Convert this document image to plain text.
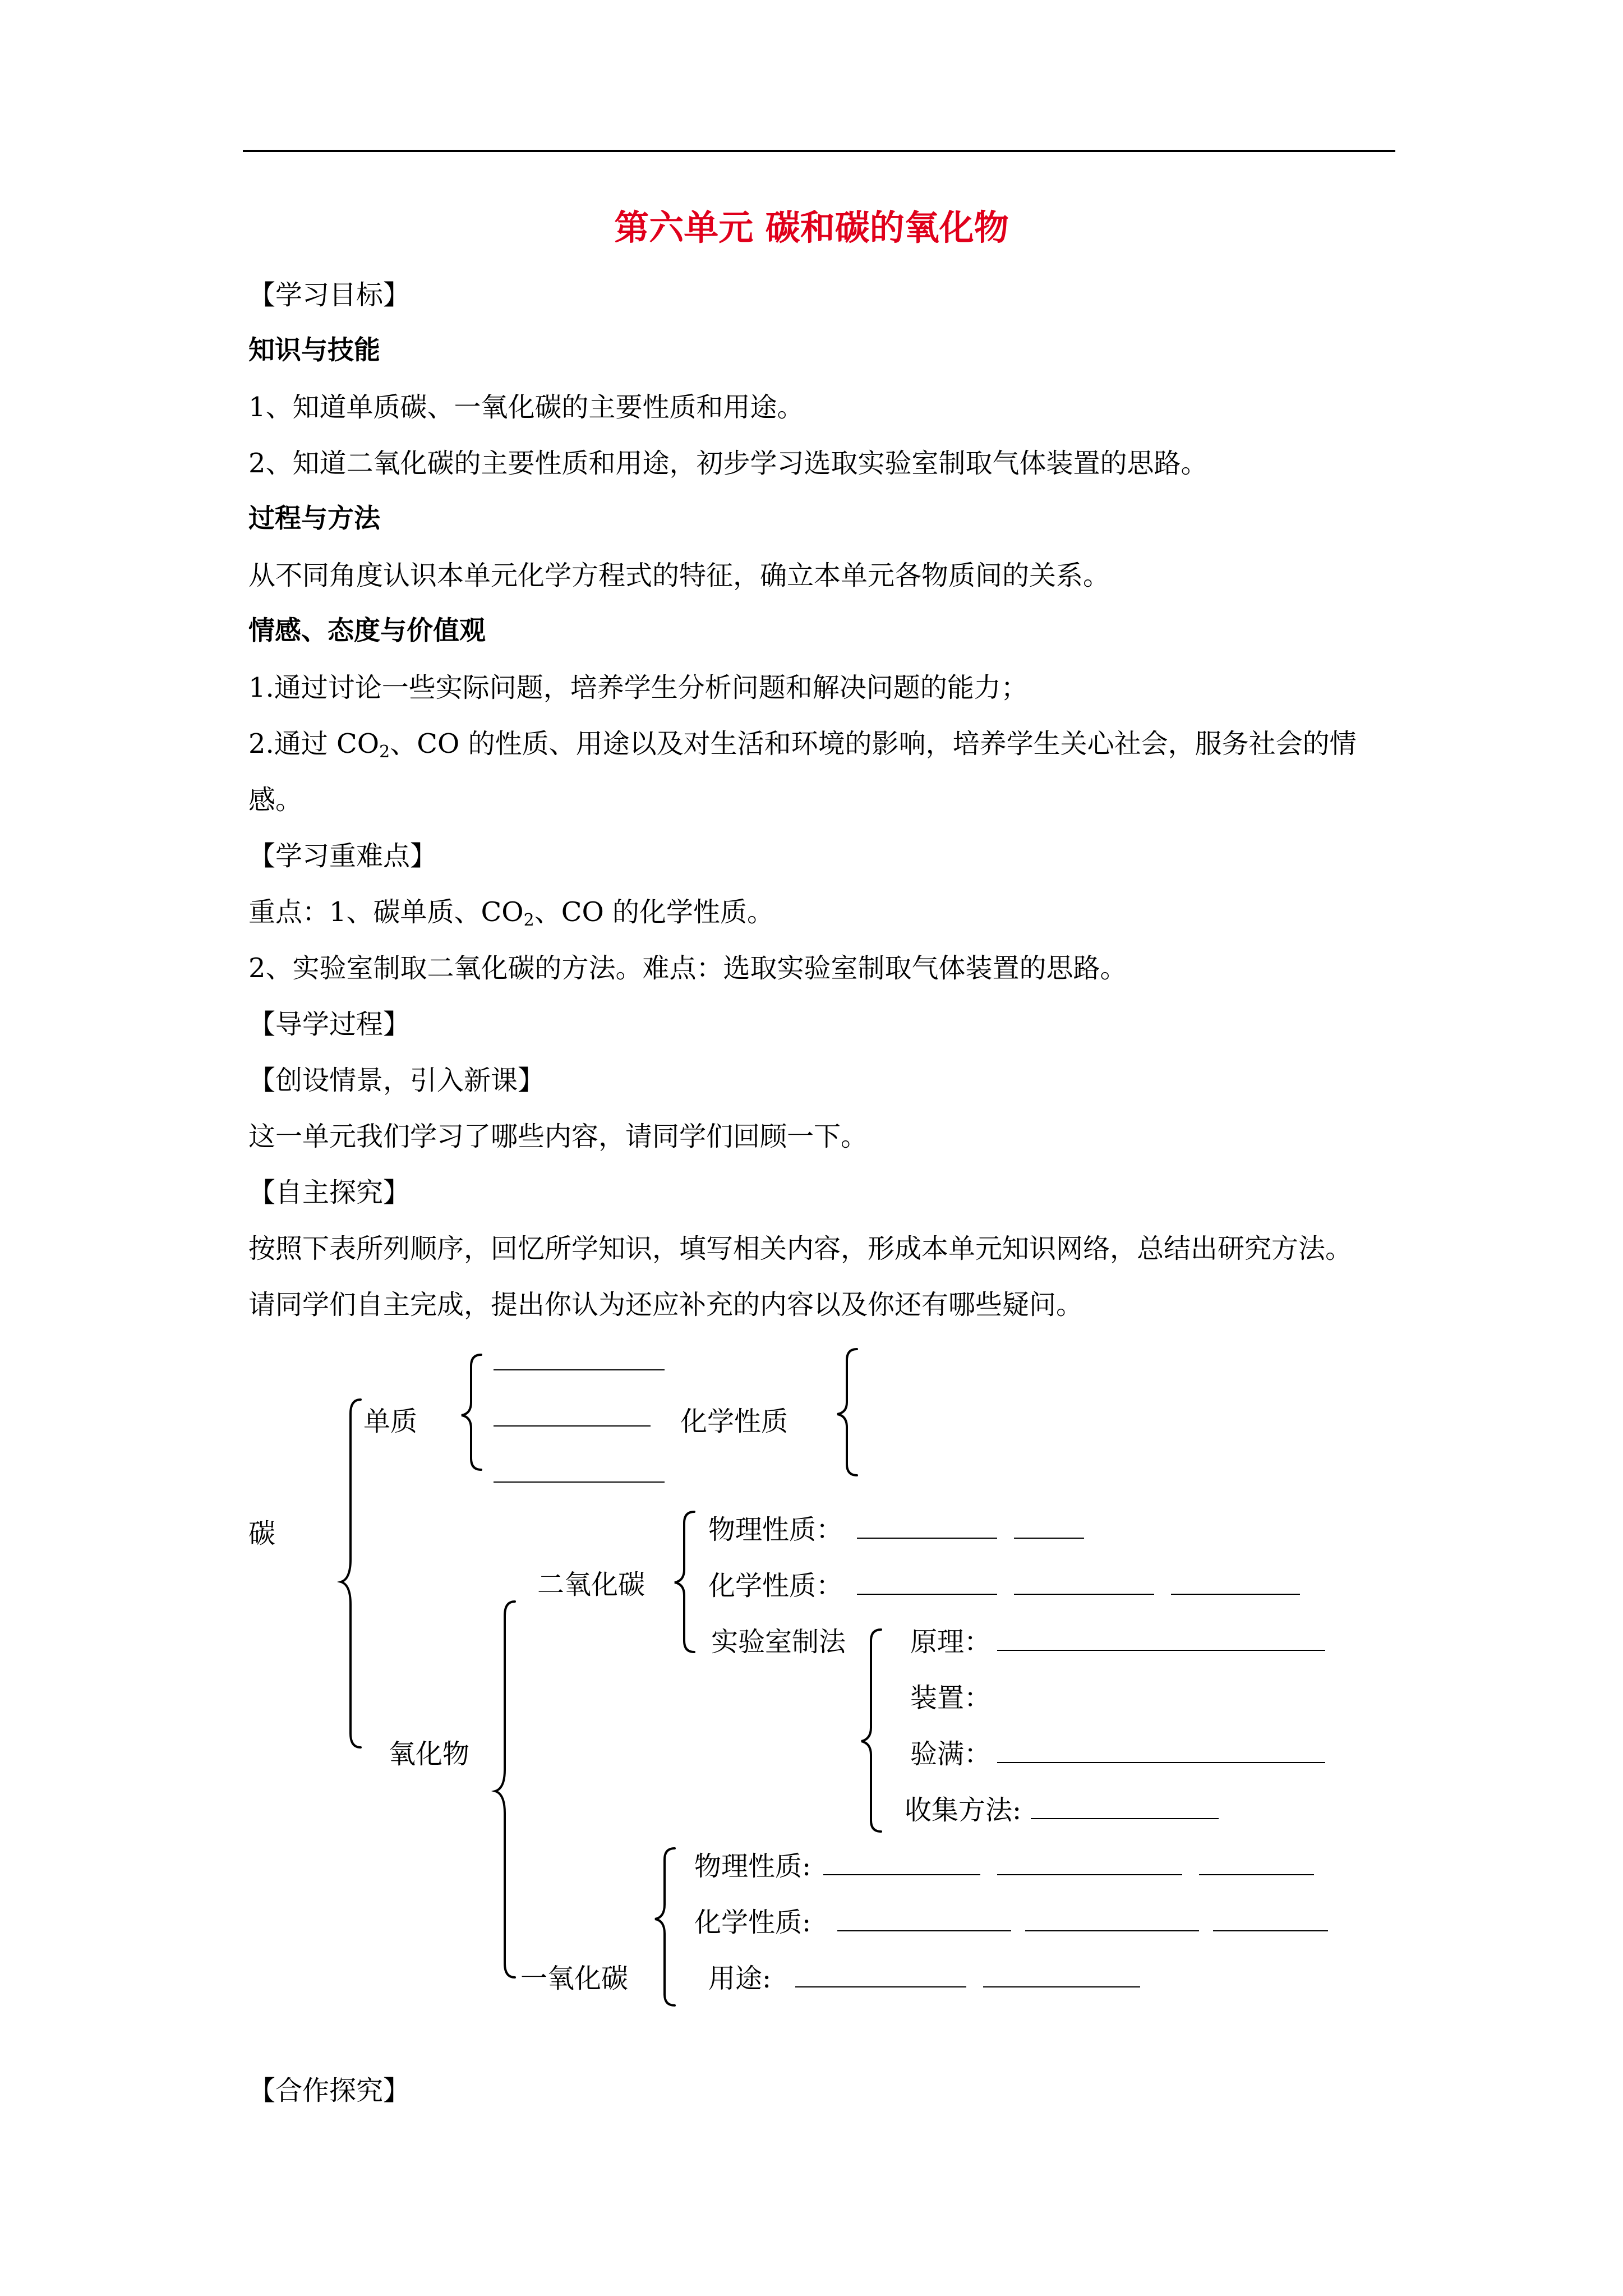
第六单元 碳和碳的氧化物
【学习目标】
知识与技能
1、知道单质碳、一氧化碳的主要性质和用途。
2、知道二氧化碳的主要性质和用途，初步学习选取实验室制取气体装置的思路。
过程与方法
从不同角度认识本单元化学方程式的特征，确立本单元各物质间的关系。
情感、态度与价值观
1.通过讨论一些实际问题，培养学生分析问题和解决问题的能力；
2.通过 $CO_2$、CO 的性质、用途以及对生活和环境的影响，培养学生关心社会，服务社会的情
感。
【学习重难点】
重点：1、碳单质、$CO_2$、CO 的化学性质。
2、实验室制取二氧化碳的方法。难点：选取实验室制取气体装置的思路。
【导学过程】
【创设情景，引入新课】
这一单元我们学习了哪些内容，请同学们回顾一下。
【自主探究】
按照下表所列顺序，回忆所学知识，填写相关内容，形成本单元知识网络，总结出研究方法。
请同学们自主完成，提出你认为还应补充的内容以及你还有哪些疑问。
碳
单质	化学性质
二氧化碳
物理性质：
化学性质：
实验室制法 原理：
装置：
验满：
收集方法:
氧化物
物理性质:
化学性质:
一氧化碳	用途:
【合作探究】
